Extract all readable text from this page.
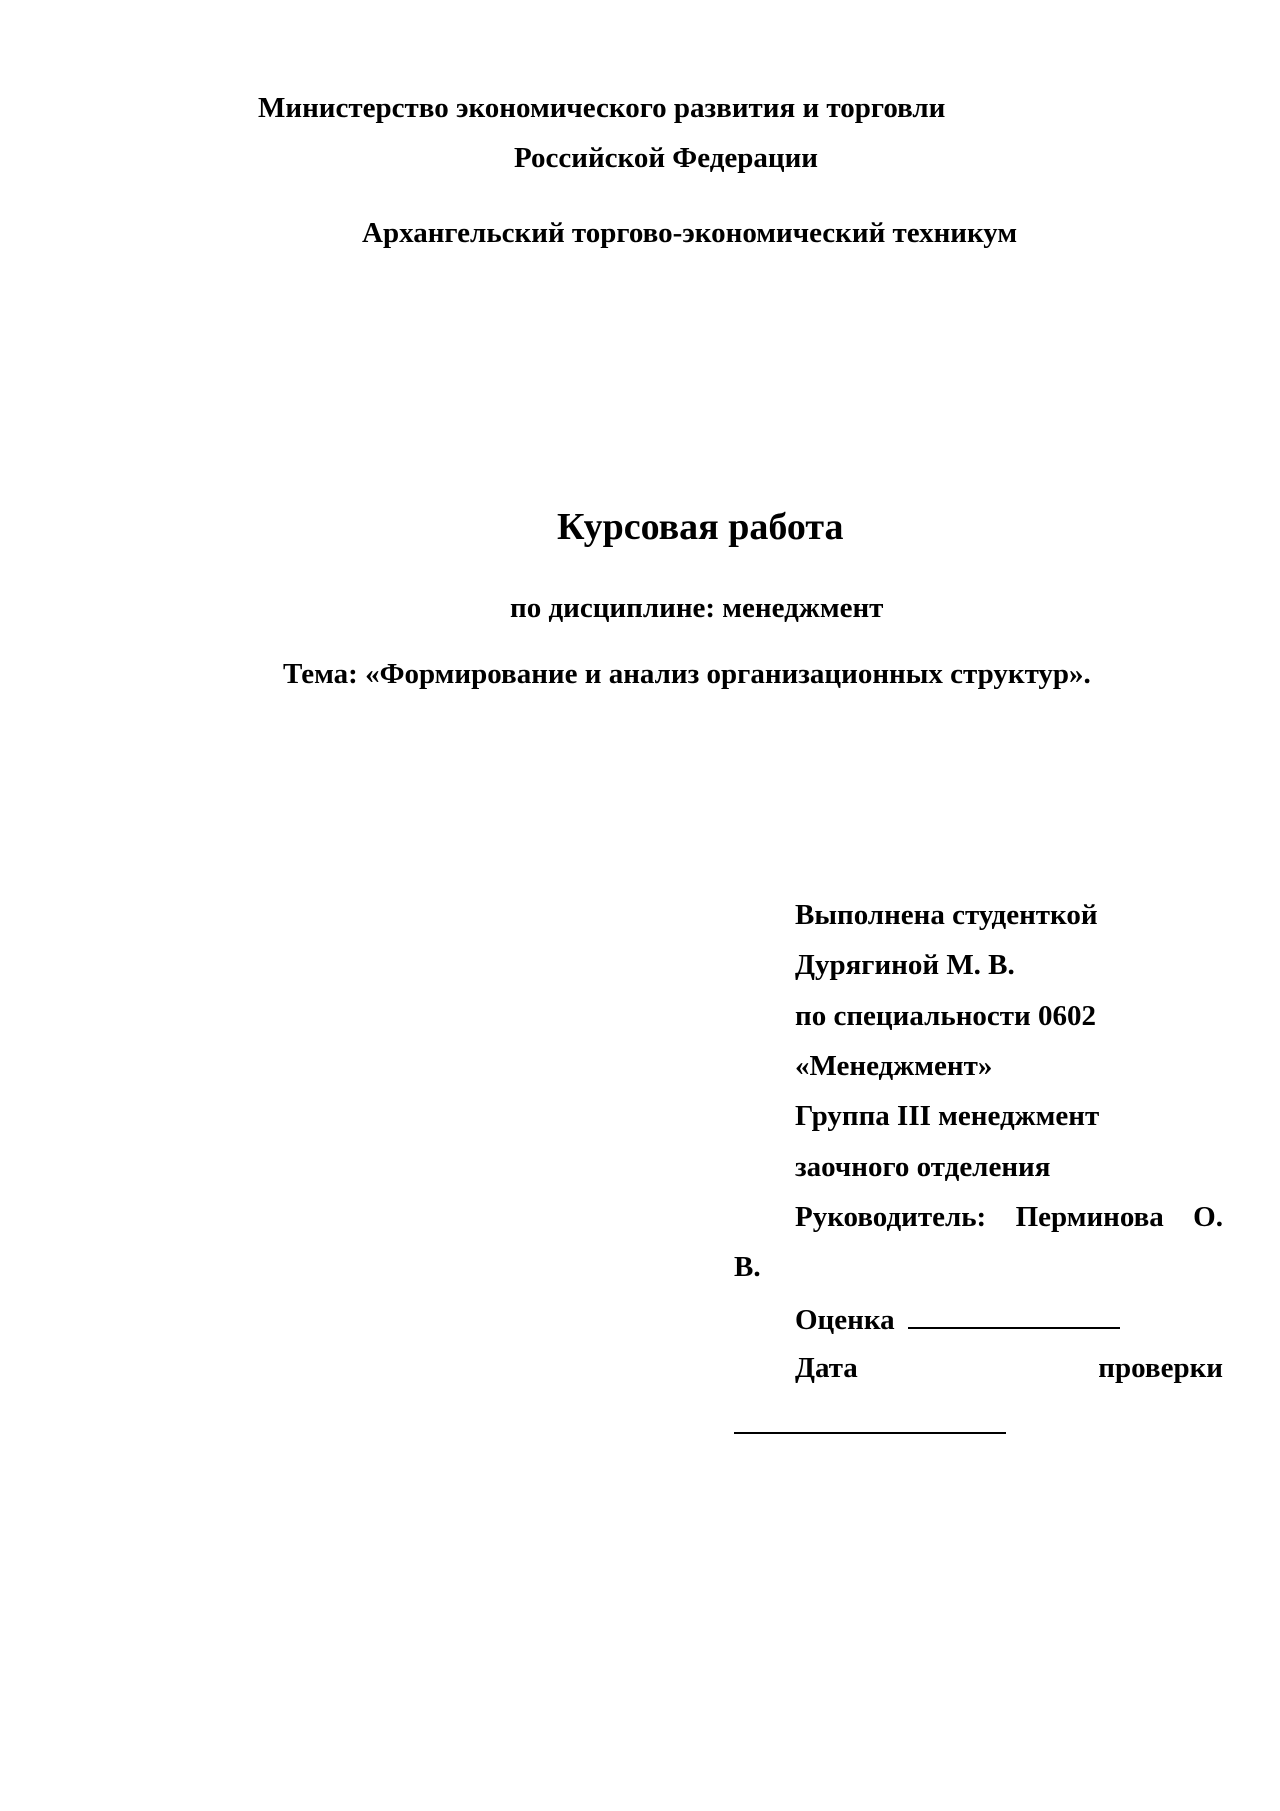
Министерство экономического развития и торговли
Российской Федерации
Архангельский торгово-экономический техникум
Курсовая работа
по дисциплине: менеджмент
Тема: «Формирование и анализ организационных структур».
Выполнена студенткой
Дурягиной М. В.
по специальности 0602
«Менеджмент»
Группа III менеджмент
заочного отделения
Руководитель: Перминова О.
В.
Оценка
Дата	проверки
